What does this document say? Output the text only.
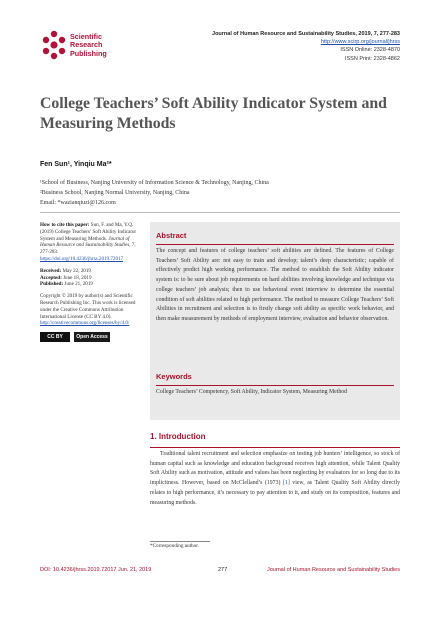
Scientific
Research
Publishing
Journal of Human Resource and Sustainability Studies, 2019, 7, 277-283
http://www.scirp.org/journal/jhrss
ISSN Online: 2328-4870
ISSN Print: 2328-4862
College Teachers’ Soft Ability Indicator System and Measuring Methods
Fen Sun¹, Yinqiu Ma²*
¹School of Business, Nanjing University of Information Science & Technology, Nanjing, China
²Business School, Nanjing Normal University, Nanjing, China
Email: *wazianqiuzi@126.com

How to cite this paper: Sun, F. and Ma, Y.Q. (2019) College Teachers’ Soft Ability Indicator System and Measuring Methods. Journal of Human Resource and Sustainability Studies, 7, 277-283. https://doi.org/10.4236/jhrss.2019.72017

Received: May 22, 2019
Accepted: June 18, 2019
Published: June 21, 2019

Copyright © 2019 by author(s) and Scientific Research Publishing Inc. This work is licensed under the Creative Commons Attribution International License (CC BY 4.0).
http://creativecommons.org/licenses/by/4.0/

CC BY	Open Access
Abstract

The concept and features of college teachers’ soft abilities are defined. The features of College Teachers’ Soft Ability are: not easy to train and develop; talent’s deep characteristic; capable of effectively predict high working performance. The method to establish the Soft Ability indicator system is: to be sure about job requirements on hard abilities involving knowledge and technique via college teachers’ job analysis; then to use behavioral event interview to determine the essential condition of soft abilities related to high performance. The method to measure College Teachers’ Soft Abilities in recruitment and selection is to firstly change soft ability as specific work behavior, and then make measurement by methods of employment interview, evaluation and behavior observation.

Keywords

College Teachers’ Competency, Soft Ability, Indicator System, Measuring Method

1. Introduction

Traditional talent recruitment and selection emphasize on testing job hunters’ intelligence, so stock of human capital such as knowledge and education background receives high attention, while Talent Quality Soft Ability such as motivation, attitude and values has been neglecting by evaluators for so long due to its implicitness. However, based on McClelland’s (1973) [1] view, as Talent Quality Soft Ability directly relates to high performance, it’s necessary to pay attention to it, and study on its composition, features and measuring methods.

*Corresponding author.
DOI: 10.4236/jhrss.2019.72017 Jun. 21, 2019	277	Journal of Human Resource and Sustainability Studies
